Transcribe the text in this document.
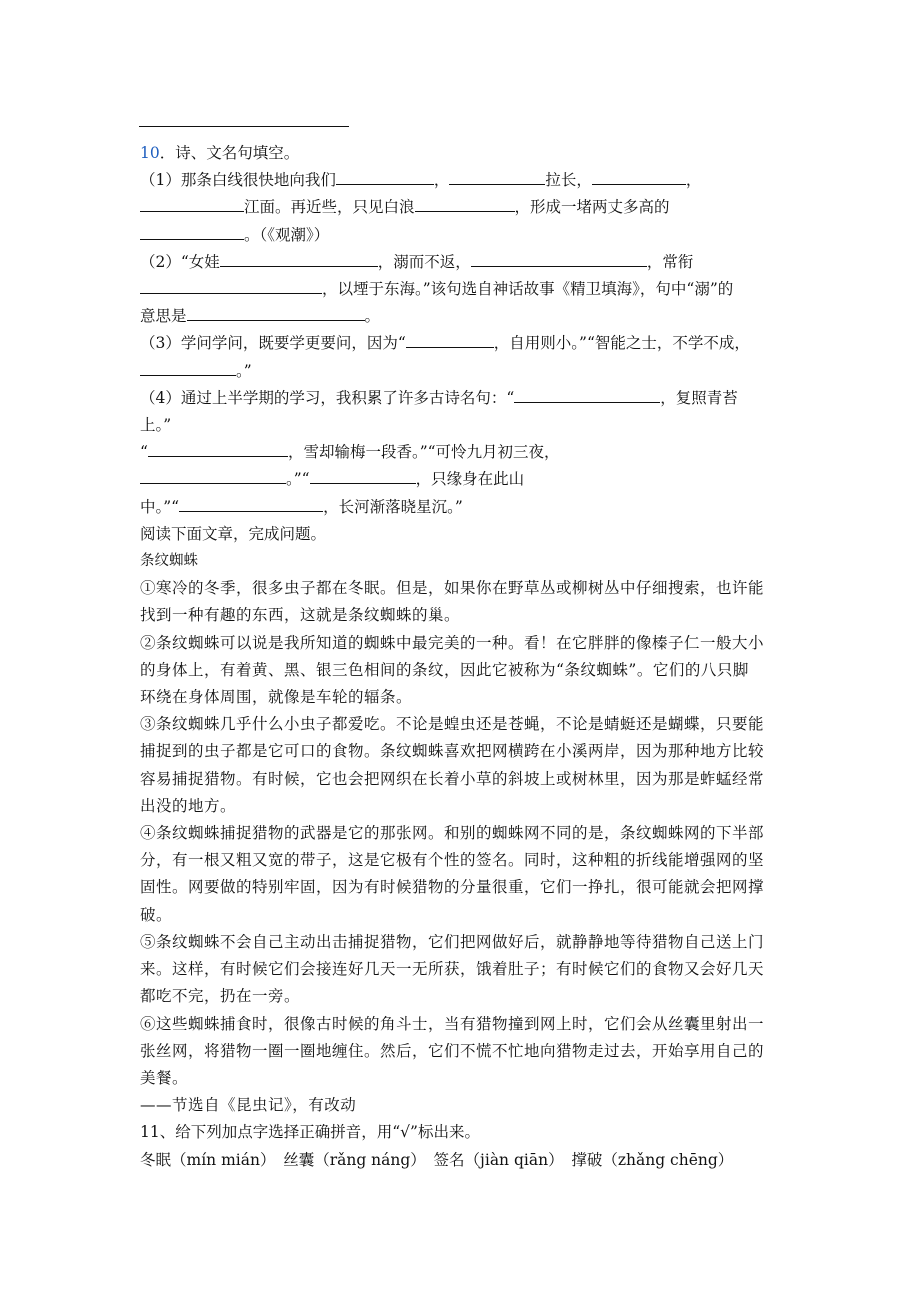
10．诗、文名句填空。
（1）那条白线很快地向我们	，	拉长，	，
江面。再近些，只见白浪	，形成一堵两丈多高的
。（《观潮》）
（2）“女娃	，溺而不返，	，常衔
，以堙于东海。”该句选自神话故事《精卫填海》，句中“溺”的
意思是	。
（3）学问学问，既要学更要问，因为“	，自用则小。”“智能之士，不学不成，
。”
（4）通过上半学期的学习，我积累了许多古诗名句：“	，复照青苔
上。”
“	，雪却输梅一段香。”“可怜九月初三夜，
。”“	，只缘身在此山
中。”“	，长河渐落晓星沉。”
阅读下面文章，完成问题。
条纹蜘蛛
①寒冷的冬季，很多虫子都在冬眠。但是，如果你在野草丛或柳树丛中仔细搜索，也许能
找到一种有趣的东西，这就是条纹蜘蛛的巢。
②条纹蜘蛛可以说是我所知道的蜘蛛中最完美的一种。看！在它胖胖的像榛子仁一般大小
的身体上，有着黄、黑、银三色相间的条纹，因此它被称为“条纹蜘蛛”。它们的八只脚
环绕在身体周围，就像是车轮的辐条。
③条纹蜘蛛几乎什么小虫子都爱吃。不论是蝗虫还是苍蝇，不论是蜻蜓还是蝴蝶，只要能
捕捉到的虫子都是它可口的食物。条纹蜘蛛喜欢把网横跨在小溪两岸，因为那种地方比较
容易捕捉猎物。有时候，它也会把网织在长着小草的斜坡上或树林里，因为那是蚱蜢经常
出没的地方。
④条纹蜘蛛捕捉猎物的武器是它的那张网。和别的蜘蛛网不同的是，条纹蜘蛛网的下半部
分，有一根又粗又宽的带子，这是它极有个性的签名。同时，这种粗的折线能增强网的坚
固性。网要做的特别牢固，因为有时候猎物的分量很重，它们一挣扎，很可能就会把网撑
破。
⑤条纹蜘蛛不会自己主动出击捕捉猎物，它们把网做好后，就静静地等待猎物自己送上门
来。这样，有时候它们会接连好几天一无所获，饿着肚子；有时候它们的食物又会好几天
都吃不完，扔在一旁。
⑥这些蜘蛛捕食时，很像古时候的角斗士，当有猎物撞到网上时，它们会从丝囊里射出一
张丝网，将猎物一圈一圈地缠住。然后，它们不慌不忙地向猎物走过去，开始享用自己的
美餐。
——节选自《昆虫记》，有改动
11、给下列加点字选择正确拼音，用“√”标出来。
冬眠（mín mián）　丝囊（rǎng náng）　签名（jiàn qiān）　撑破（zhǎng chēng）
